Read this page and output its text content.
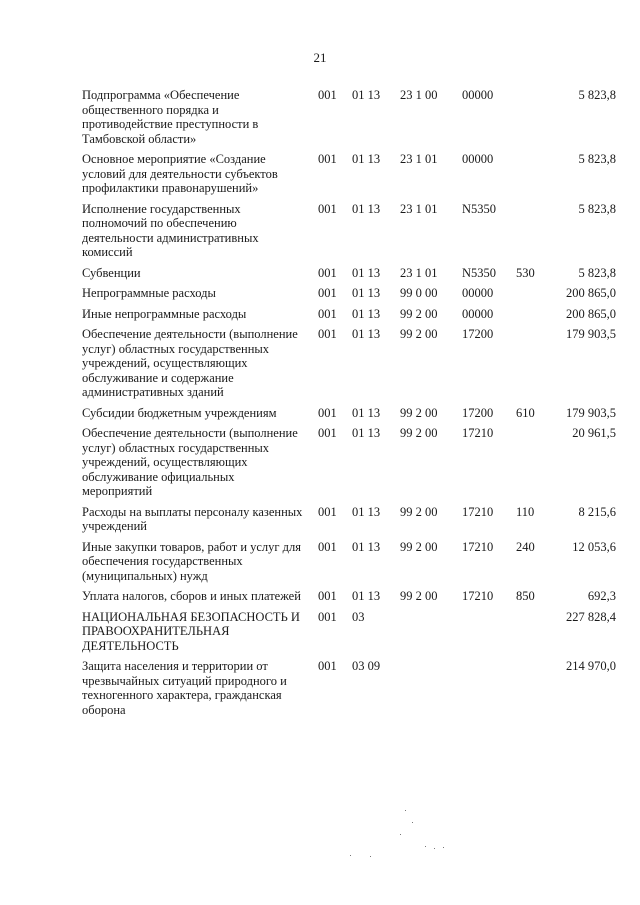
21
Подпрограмма «Обеспечение общественного порядка и противодействие преступности в Тамбовской области»	001	01 13	23 1 00	00000		5 823,8
Основное мероприятие «Создание условий для деятельности субъектов профилактики правонарушений»	001	01 13	23 1 01	00000		5 823,8
Исполнение государственных полномочий по обеспечению деятельности административных комиссий	001	01 13	23 1 01	N5350		5 823,8
Субвенции	001	01 13	23 1 01	N5350	530	5 823,8
Непрограммные расходы	001	01 13	99 0 00	00000		200 865,0
Иные непрограммные расходы	001	01 13	99 2 00	00000		200 865,0
Обеспечение деятельности (выполнение услуг) областных государственных учреждений, осуществляющих обслуживание и содержание административных зданий	001	01 13	99 2 00	17200		179 903,5
Субсидии бюджетным учреждениям	001	01 13	99 2 00	17200	610	179 903,5
Обеспечение деятельности (выполнение услуг) областных государственных учреждений, осуществляющих обслуживание официальных мероприятий	001	01 13	99 2 00	17210		20 961,5
Расходы на выплаты персоналу казенных учреждений	001	01 13	99 2 00	17210	110	8 215,6
Иные закупки товаров, работ и услуг для обеспечения государственных (муниципальных) нужд	001	01 13	99 2 00	17210	240	12 053,6
Уплата налогов, сборов и иных платежей	001	01 13	99 2 00	17210	850	692,3
НАЦИОНАЛЬНАЯ БЕЗОПАСНОСТЬ И ПРАВООХРАНИТЕЛЬНАЯ ДЕЯТЕЛЬНОСТЬ	001	03				227 828,4
Защита населения и территории от чрезвычайных ситуаций природного и техногенного характера, гражданская оборона	001	03 09				214 970,0
